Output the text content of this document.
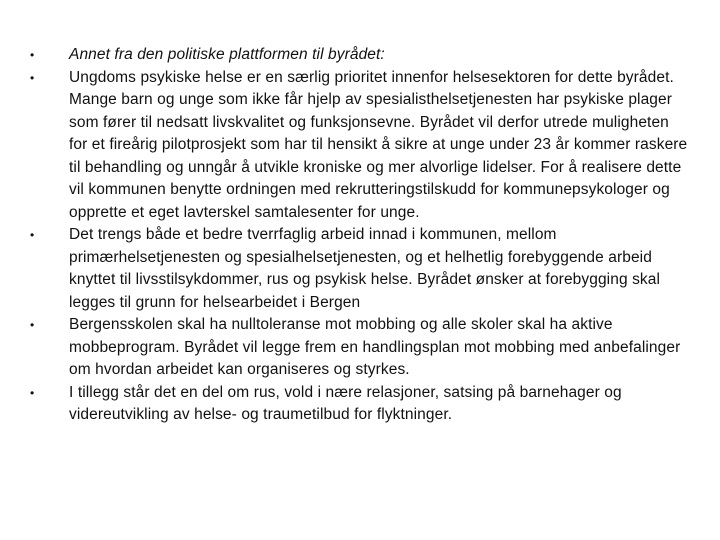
•	Annet fra den politiske plattformen til byrådet:
•	Ungdoms psykiske helse er en særlig prioritet innenfor helsesektoren for dette byrådet. Mange barn og unge som ikke får hjelp av spesialisthelsetjenesten har psykiske plager som fører til nedsatt livskvalitet og funksjonsevne. Byrådet vil derfor utrede muligheten for et fireårig pilotprosjekt som har til hensikt å sikre at unge under 23 år kommer raskere til behandling og unngår å utvikle kroniske og mer alvorlige lidelser. For å realisere dette vil kommunen benytte ordningen med rekrutteringstilskudd for kommunepsykologer og opprette et eget lavterskel samtalesenter for unge.
•	Det trengs både et bedre tverrfaglig arbeid innad i kommunen, mellom primærhelsetjenesten og spesialhelsetjenesten, og et helhetlig forebyggende arbeid knyttet til livsstilsykdommer, rus og psykisk helse. Byrådet ønsker at forebygging skal legges til grunn for helsearbeidet i Bergen
•	Bergensskolen skal ha nulltoleranse mot mobbing og alle skoler skal ha aktive mobbeprogram. Byrådet vil legge frem en handlingsplan mot mobbing med anbefalinger om hvordan arbeidet kan organiseres og styrkes.
•	I tillegg står det en del om rus, vold i nære relasjoner, satsing på barnehager og videreutvikling av helse- og traumetilbud for flyktninger.
